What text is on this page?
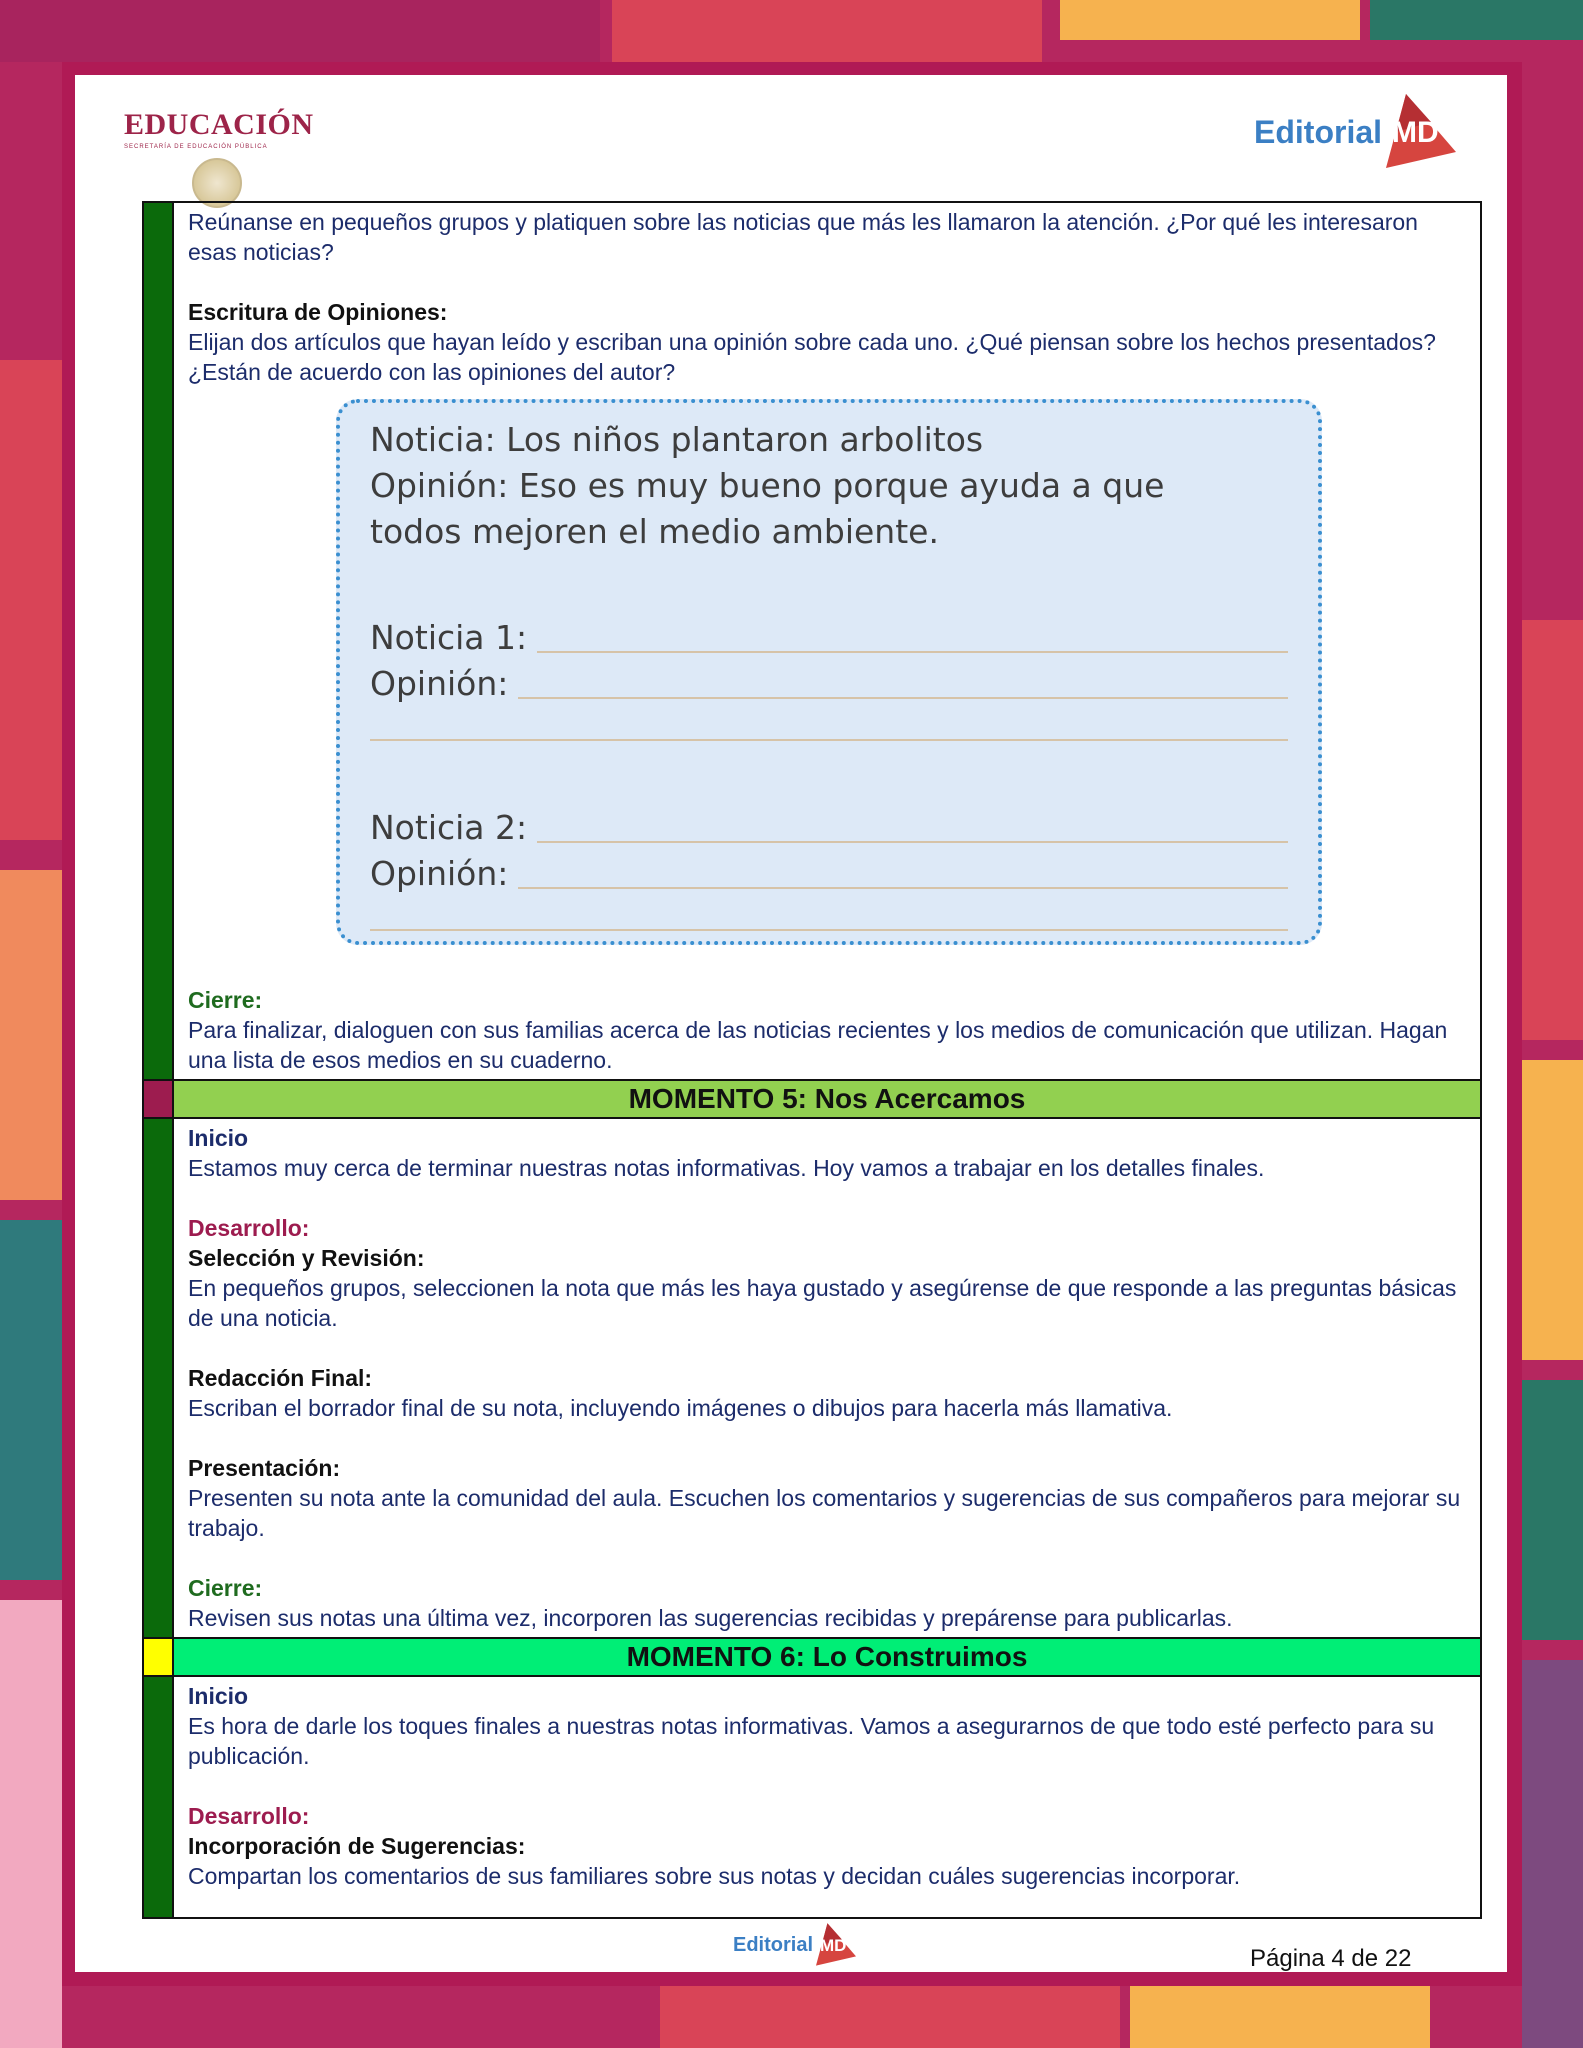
EDUCACIÓN
SECRETARÍA DE EDUCACIÓN PÚBLICA	Editorial MD

Reúnanse en pequeños grupos y platiquen sobre las noticias que más les llamaron la atención. ¿Por qué les interesaron esas noticias?

Escritura de Opiniones:

Elijan dos artículos que hayan leído y escriban una opinión sobre cada uno. ¿Qué piensan sobre los hechos presentados? ¿Están de acuerdo con las opiniones del autor?

Noticia: Los niños plantaron arbolitos
Opinión: Eso es muy bueno porque ayuda a que
todos mejoren el medio ambiente.
Noticia 1:
Opinión:
Noticia 2:
Opinión:

Cierre:

Para finalizar, dialoguen con sus familias acerca de las noticias recientes y los medios de comunicación que utilizan. Hagan una lista de esos medios en su cuaderno.

MOMENTO 5: Nos Acercamos

Inicio

Estamos muy cerca de terminar nuestras notas informativas. Hoy vamos a trabajar en los detalles finales.

Desarrollo:

Selección y Revisión:

En pequeños grupos, seleccionen la nota que más les haya gustado y asegúrense de que responde a las preguntas básicas de una noticia.

Redacción Final:

Escriban el borrador final de su nota, incluyendo imágenes o dibujos para hacerla más llamativa.

Presentación:

Presenten su nota ante la comunidad del aula. Escuchen los comentarios y sugerencias de sus compañeros para mejorar su trabajo.

Cierre:

Revisen sus notas una última vez, incorporen las sugerencias recibidas y prepárense para publicarlas.

MOMENTO 6: Lo Construimos

Inicio

Es hora de darle los toques finales a nuestras notas informativas. Vamos a asegurarnos de que todo esté perfecto para su publicación.

Desarrollo:

Incorporación de Sugerencias:

Compartan los comentarios de sus familiares sobre sus notas y decidan cuáles sugerencias incorporar.

Editorial MD	Página 4 de 22
